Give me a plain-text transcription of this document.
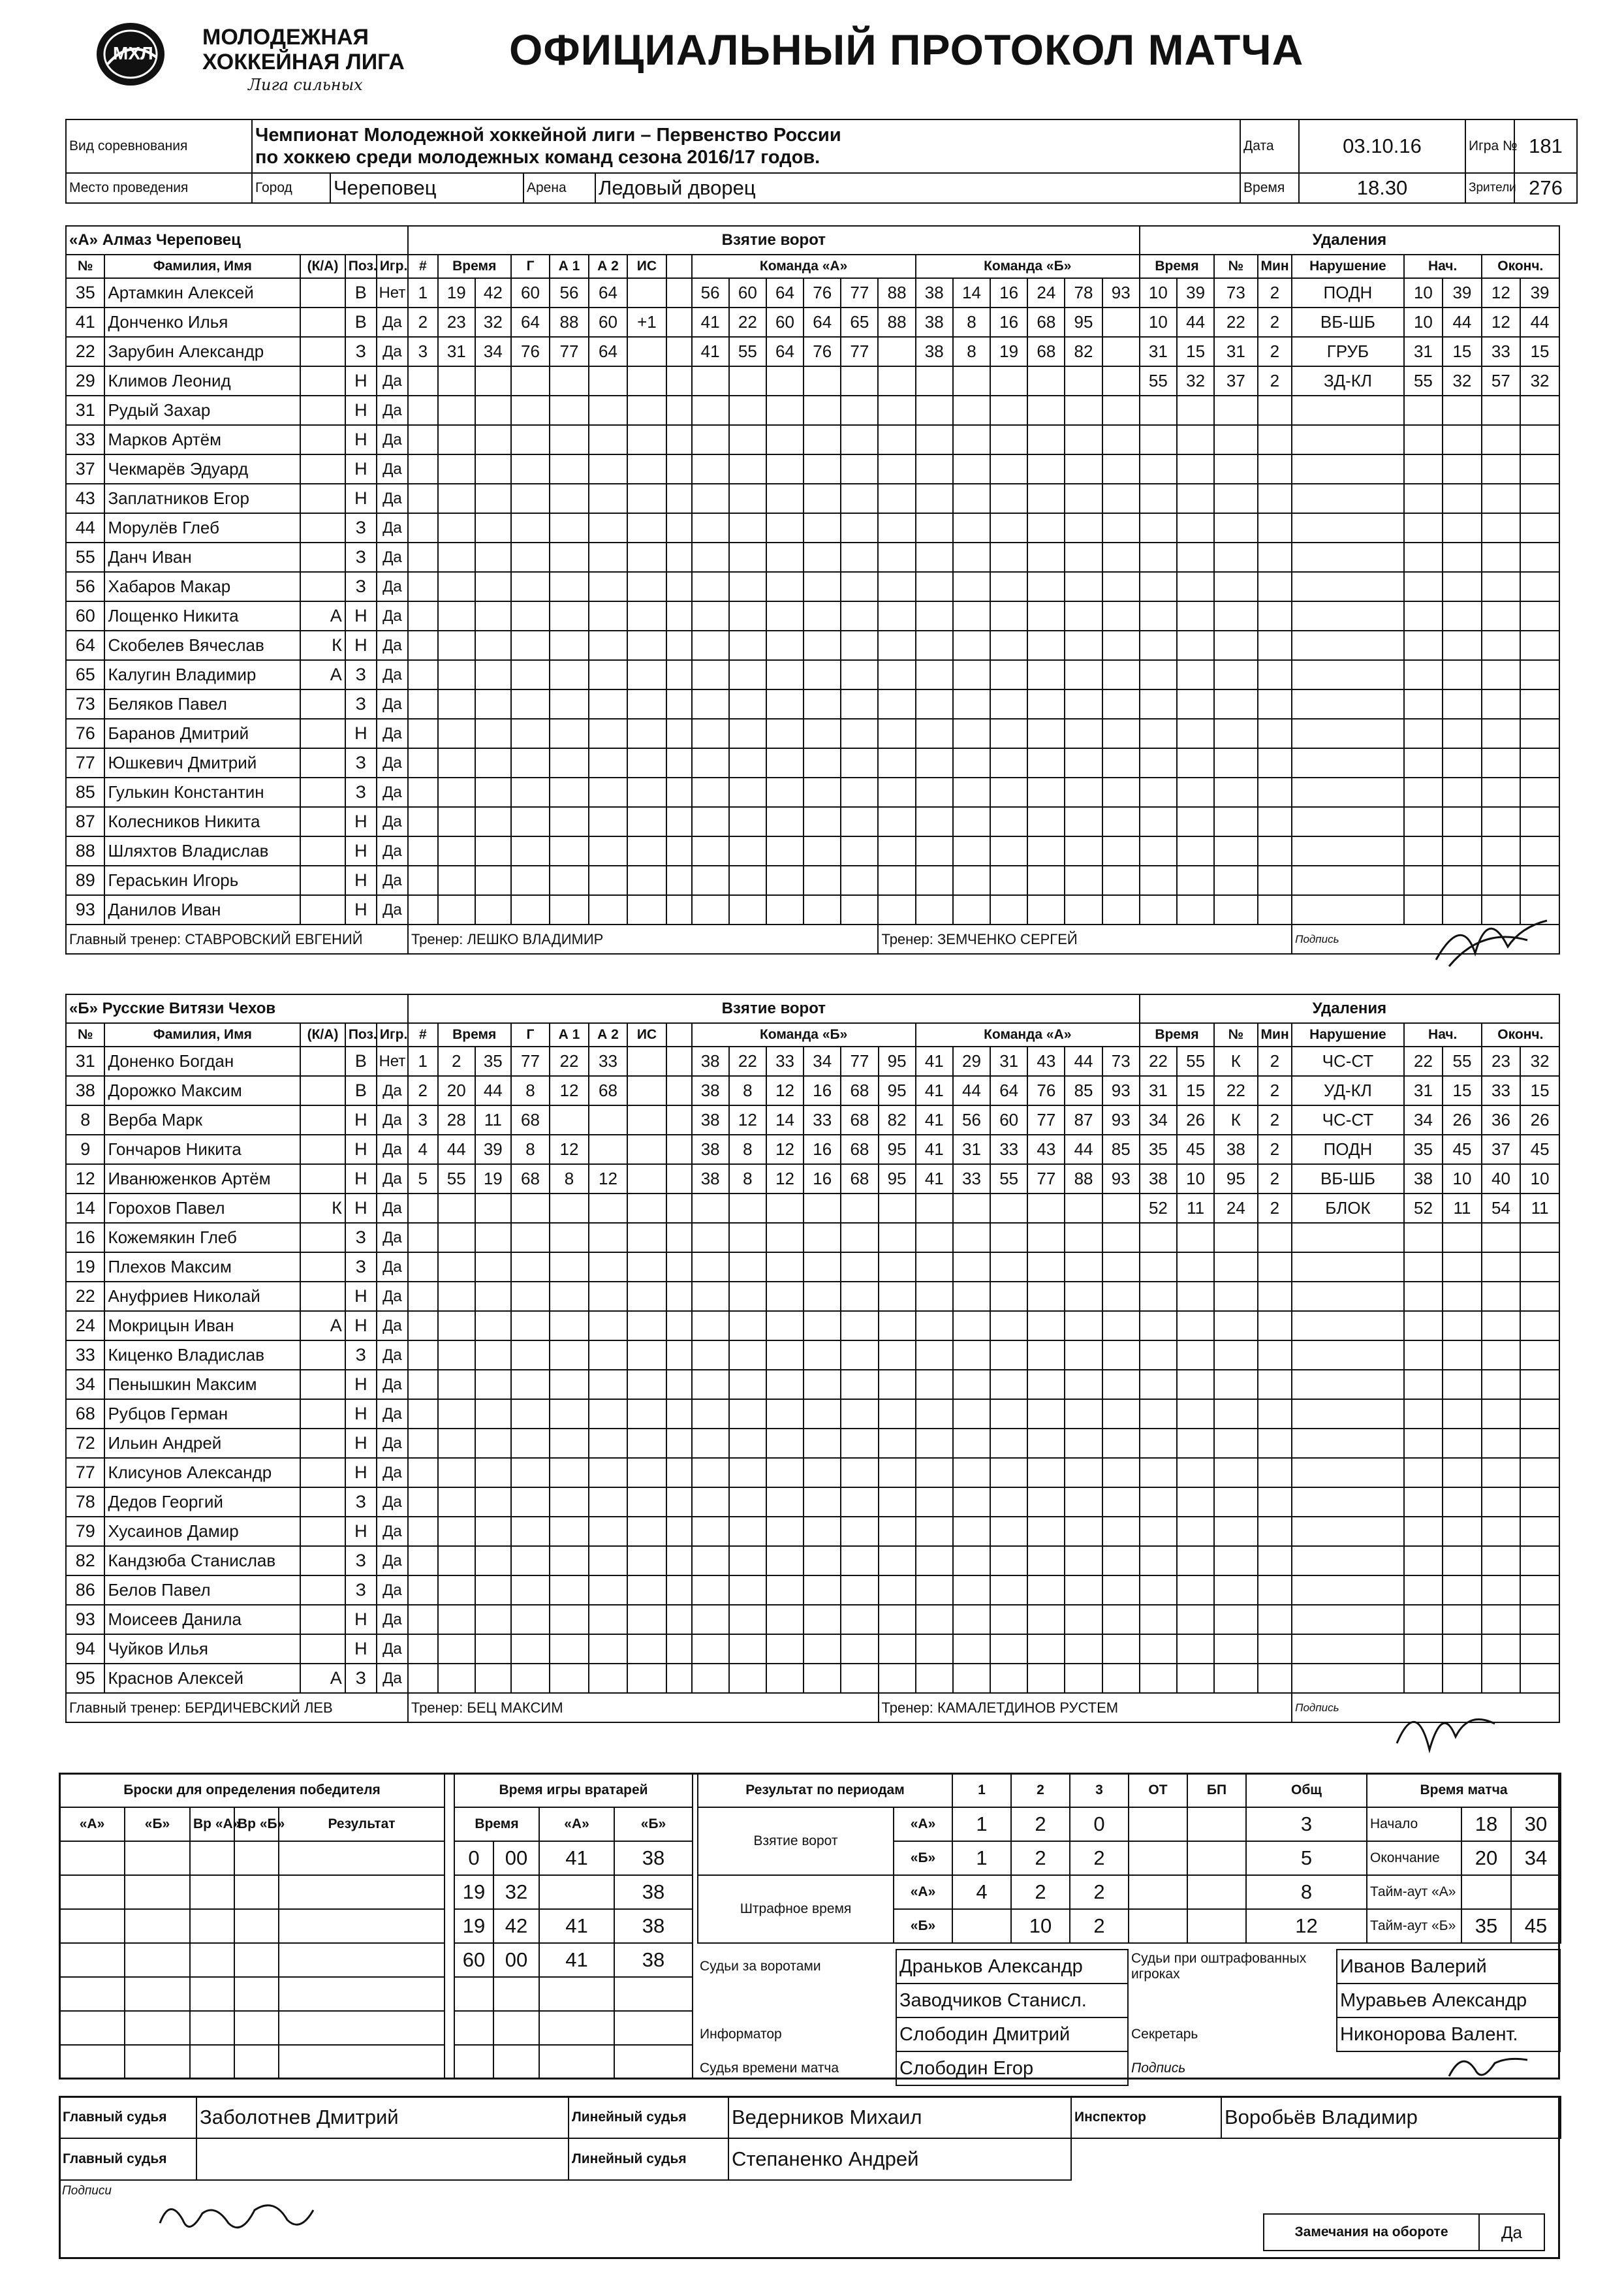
МХЛ
МОЛОДЕЖНАЯ
ХОККЕЙНАЯ ЛИГА
Лига сильных
ОФИЦИАЛЬНЫЙ ПРОТОКОЛ МАТЧА
Вид соревнования	Чемпионат Молодежной хоккейной лиги – Первенство России
по хоккею среди молодежных команд сезона 2016/17 годов.				Дата	03.10.16	Игра №	181
Место проведения	Город	Череповец	Арена	Ледовый дворец	Время	18.30	Зрители	276
«А» Алмаз Череповец					Взятие ворот																				Удаления								
№	Фамилия, Имя	(К/А)	Поз.	Игр.	#	Время		Г	А 1	А 2	ИС		Команда «А»						Команда «Б»						Время		№	Мин	Нарушение	Нач.		Оконч.	
35	Артамкин Алексей		В	Нет	1	19	42	60	56	64			56	60	64	76	77	88	38	14	16	24	78	93	10	39	73	2	ПОДН	10	39	12	39
41	Донченко Илья		В	Да	2	23	32	64	88	60	+1		41	22	60	64	65	88	38	8	16	68	95		10	44	22	2	ВБ-ШБ	10	44	12	44
22	Зарубин Александр		З	Да	3	31	34	76	77	64			41	55	64	76	77		38	8	19	68	82		31	15	31	2	ГРУБ	31	15	33	15
29	Климов Леонид		Н	Да																					55	32	37	2	ЗД-КЛ	55	32	57	32
31	Рудый Захар		Н	Да																													
33	Марков Артём		Н	Да																													
37	Чекмарёв Эдуард		Н	Да																													
43	Заплатников Егор		Н	Да																													
44	Морулёв Глеб		З	Да																													
55	Данч Иван		З	Да																													
56	Хабаров Макар		З	Да																													
60	Лощенко Никита	А	Н	Да																													
64	Скобелев Вячеслав	К	Н	Да																													
65	Калугин Владимир	А	З	Да																													
73	Беляков Павел		З	Да																													
76	Баранов Дмитрий		Н	Да																													
77	Юшкевич Дмитрий		З	Да																													
85	Гулькин Константин		З	Да																													
87	Колесников Никита		Н	Да																													
88	Шляхтов Владислав		Н	Да																													
89	Гераськин Игорь		Н	Да																													
93	Данилов Иван		Н	Да																													
Главный тренер: СТАВРОВСКИЙ ЕВГЕНИЙ					Тренер: ЛЕШКО ВЛАДИМИР													Тренер: ЗЕМЧЕНКО СЕРГЕЙ											Подпись				
«Б» Русские Витязи Чехов					Взятие ворот																				Удаления								
№	Фамилия, Имя	(К/А)	Поз.	Игр.	#	Время		Г	А 1	А 2	ИС		Команда «Б»						Команда «А»						Время		№	Мин	Нарушение	Нач.		Оконч.	
31	Доненко Богдан		В	Нет	1	2	35	77	22	33			38	22	33	34	77	95	41	29	31	43	44	73	22	55	К	2	ЧС-СТ	22	55	23	32
38	Дорожко Максим		В	Да	2	20	44	8	12	68			38	8	12	16	68	95	41	44	64	76	85	93	31	15	22	2	УД-КЛ	31	15	33	15
8	Верба Марк		Н	Да	3	28	11	68					38	12	14	33	68	82	41	56	60	77	87	93	34	26	К	2	ЧС-СТ	34	26	36	26
9	Гончаров Никита		Н	Да	4	44	39	8	12				38	8	12	16	68	95	41	31	33	43	44	85	35	45	38	2	ПОДН	35	45	37	45
12	Иванюженков Артём		Н	Да	5	55	19	68	8	12			38	8	12	16	68	95	41	33	55	77	88	93	38	10	95	2	ВБ-ШБ	38	10	40	10
14	Горохов Павел	К	Н	Да																					52	11	24	2	БЛОК	52	11	54	11
16	Кожемякин Глеб		З	Да																													
19	Плехов Максим		З	Да																													
22	Ануфриев Николай		Н	Да																													
24	Мокрицын Иван	А	Н	Да																													
33	Киценко Владислав		З	Да																													
34	Пенышкин Максим		Н	Да																													
68	Рубцов Герман		Н	Да																													
72	Ильин Андрей		Н	Да																													
77	Клисунов Александр		Н	Да																													
78	Дедов Георгий		З	Да																													
79	Хусаинов Дамир		Н	Да																													
82	Кандзюба Станислав		З	Да																													
86	Белов Павел		З	Да																													
93	Моисеев Данила		Н	Да																													
94	Чуйков Илья		Н	Да																													
95	Краснов Алексей	А	З	Да																													
Главный тренер: БЕРДИЧЕВСКИЙ ЛЕВ					Тренер: БЕЦ МАКСИМ													Тренер: КАМАЛЕТДИНОВ РУСТЕМ											Подпись				
Броски для определения победителя				
«А»	«Б»	Вр «А»	Вр «Б»	Результат

Время игры вратарей			
Время		«А»	«Б»
0	00	41	38
19	32		38
19	42	41	38
60	00	41	38

Результат по периодам		1	2	3	ОТ	БП	Общ
Взятие ворот	«А»	1	2	0			3
	«Б»	1	2	2			5
Штрафное время	«А»	4	2	2			8
	«Б»		10	2			12
Время матча		
Начало	18	30
Окончание	20	34
Тайм-аут «А»		
Тайм-аут «Б»	35	45
Судьи за воротами	Драньков Александр	Судьи при оштрафованных игроках	Иванов Валерий
	Заводчиков Станисл.		Муравьев Александр
Информатор	Слободин Дмитрий	Секретарь	Никонорова Валент.
Судья времени матча	Слободин Егор	Подпись	
Главный судья	Заболотнев Дмитрий	Линейный судья	Ведерников Михаил	Инспектор	Воробьёв Владимир
Главный судья		Линейный судья	Степаненко Андрей		
Подписи
Замечания на обороте	Да
